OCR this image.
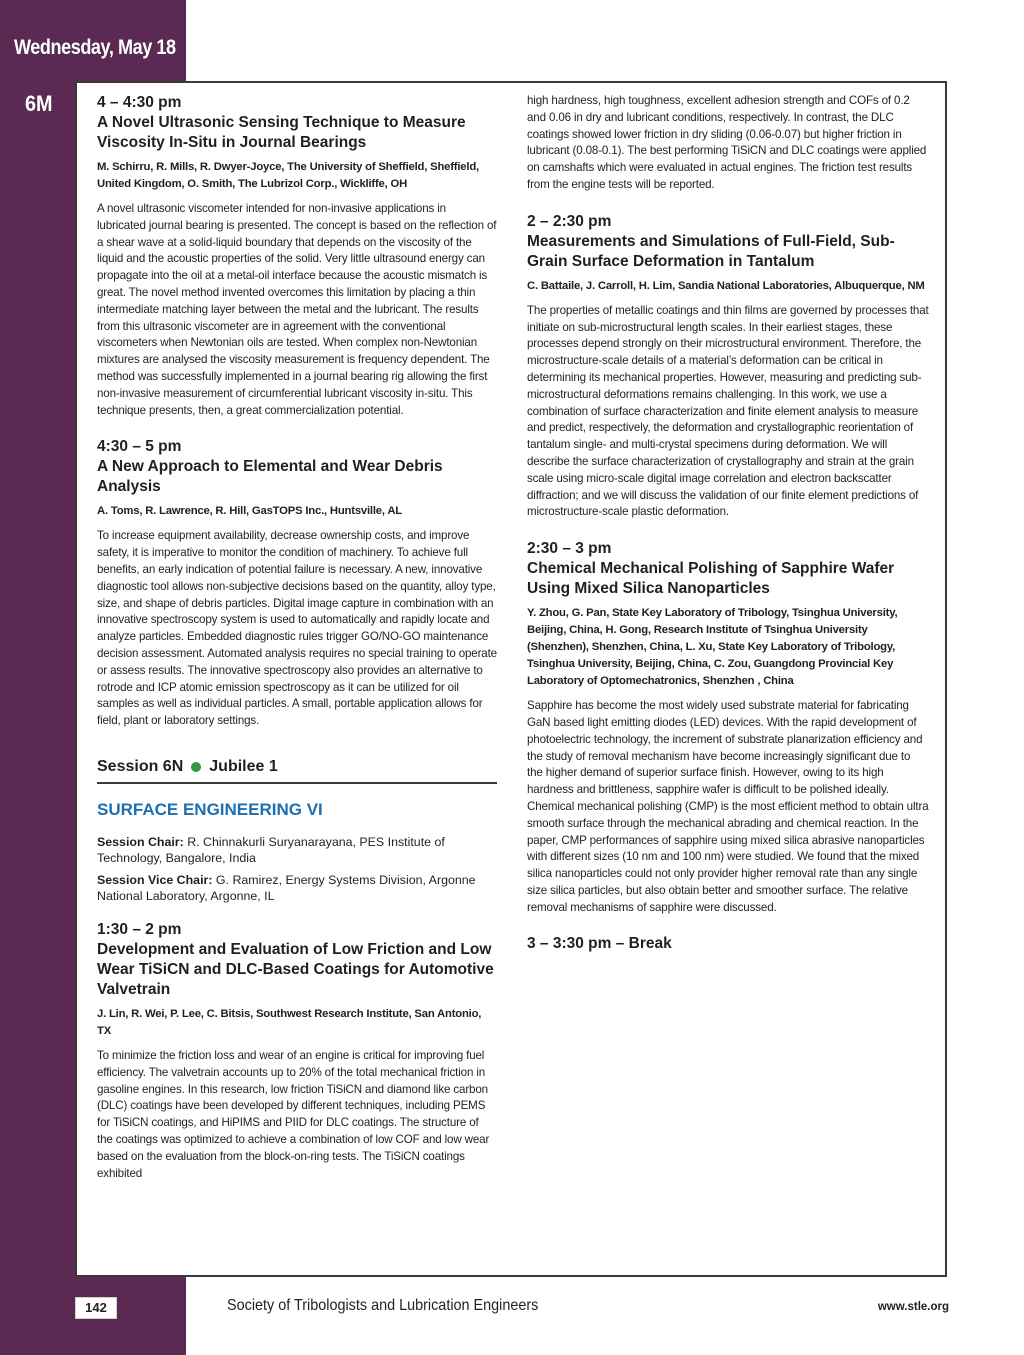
Wednesday, May 18
6M	4 – 4:30 pm

A Novel Ultrasonic Sensing Technique to Measure Viscosity In-Situ in Journal Bearings

M. Schirru, R. Mills, R. Dwyer-Joyce, The University of Sheffield, Sheffield, United Kingdom, O. Smith, The Lubrizol Corp., Wickliffe, OH

A novel ultrasonic viscometer intended for non-invasive applications in lubricated journal bearing is presented. The concept is based on the reflection of a shear wave at a solid-liquid boundary that depends on the viscosity of the liquid and the acoustic properties of the solid. Very little ultrasound energy can propagate into the oil at a metal-oil interface because the acoustic mismatch is great. The novel method invented overcomes this limitation by placing a thin intermediate matching layer between the metal and the lubricant. The results from this ultrasonic viscometer are in agreement with the conventional viscometers when Newtonian oils are tested. When complex non-Newtonian mixtures are analysed the viscosity measurement is frequency dependent. The method was successfully implemented in a journal bearing rig allowing the first non-invasive measurement of circumferential lubricant viscosity in-situ. This technique presents, then, a great commercialization potential.

4:30 – 5 pm

A New Approach to Elemental and Wear Debris Analysis

A. Toms, R. Lawrence, R. Hill, GasTOPS Inc., Huntsville, AL

To increase equipment availability, decrease ownership costs, and improve safety, it is imperative to monitor the condition of machinery. To achieve full benefits, an early indication of potential failure is necessary. A new, innovative diagnostic tool allows non-subjective decisions based on the quantity, alloy type, size, and shape of debris particles. Digital image capture in combination with an innovative spectroscopy system is used to automatically and rapidly locate and analyze particles. Embedded diagnostic rules trigger GO/NO-GO maintenance decision assessment. Automated analysis requires no special training to operate or assess results. The innovative spectroscopy also provides an alternative to rotrode and ICP atomic emission spectroscopy as it can be utilized for oil samples as well as individual particles. A small, portable application allows for field, plant or laboratory settings.

Session 6N Jubilee 1
SURFACE ENGINEERING VI

Session Chair: R. Chinnakurli Suryanarayana, PES Institute of Technology, Bangalore, India

Session Vice Chair: G. Ramirez, Energy Systems Division, Argonne National Laboratory, Argonne, IL

1:30 – 2 pm

Development and Evaluation of Low Friction and Low Wear TiSiCN and DLC-Based Coatings for Automotive Valvetrain

J. Lin, R. Wei, P. Lee, C. Bitsis, Southwest Research Institute, San Antonio, TX

To minimize the friction loss and wear of an engine is critical for improving fuel efficiency. The valvetrain accounts up to 20% of the total mechanical friction in gasoline engines. In this research, low friction TiSiCN and diamond like carbon (DLC) coatings have been developed by different techniques, including PEMS for TiSiCN coatings, and HiPIMS and PIID for DLC coatings. The structure of the coatings was optimized to achieve a combination of low COF and low wear based on the evaluation from the block-on-ring tests. The TiSiCN coatings exhibited

high hardness, high toughness, excellent adhesion strength and COFs of 0.2 and 0.06 in dry and lubricant conditions, respectively. In contrast, the DLC coatings showed lower friction in dry sliding (0.06-0.07) but higher friction in lubricant (0.08-0.1). The best performing TiSiCN and DLC coatings were applied on camshafts which were evaluated in actual engines. The friction test results from the engine tests will be reported.

2 – 2:30 pm

Measurements and Simulations of Full-Field, Sub-Grain Surface Deformation in Tantalum

C. Battaile, J. Carroll, H. Lim, Sandia National Laboratories, Albuquerque, NM

The properties of metallic coatings and thin films are governed by processes that initiate on sub-microstructural length scales. In their earliest stages, these processes depend strongly on their microstructural environment. Therefore, the microstructure-scale details of a material’s deformation can be critical in determining its mechanical properties. However, measuring and predicting sub-microstructural deformations remains challenging. In this work, we use a combination of surface characterization and finite element analysis to measure and predict, respectively, the deformation and crystallographic reorientation of tantalum single- and multi-crystal specimens during deformation. We will describe the surface characterization of crystallography and strain at the grain scale using micro-scale digital image correlation and electron backscatter diffraction; and we will discuss the validation of our finite element predictions of microstructure-scale plastic deformation.

2:30 – 3 pm

Chemical Mechanical Polishing of Sapphire Wafer Using Mixed Silica Nanoparticles

Y. Zhou, G. Pan, State Key Laboratory of Tribology, Tsinghua University, Beijing, China, H. Gong, Research Institute of Tsinghua University (Shenzhen), Shenzhen, China, L. Xu, State Key Laboratory of Tribology, Tsinghua University, Beijing, China, C. Zou, Guangdong Provincial Key Laboratory of Optomechatronics, Shenzhen , China

Sapphire has become the most widely used substrate material for fabricating GaN based light emitting diodes (LED) devices. With the rapid development of photoelectric technology, the increment of substrate planarization efficiency and the study of removal mechanism have become increasingly significant due to the higher demand of superior surface finish. However, owing to its high hardness and brittleness, sapphire wafer is difficult to be polished ideally. Chemical mechanical polishing (CMP) is the most efficient method to obtain ultra smooth surface through the mechanical abrading and chemical reaction. In the paper, CMP performances of sapphire using mixed silica abrasive nanoparticles with different sizes (10 nm and 100 nm) were studied. We found that the mixed silica nanoparticles could not only provider higher removal rate than any single size silica particles, but also obtain better and smoother surface. The relative removal mechanisms of sapphire were discussed.

3 – 3:30 pm – Break
142	Society of Tribologists and Lubrication Engineers	www.stle.org
